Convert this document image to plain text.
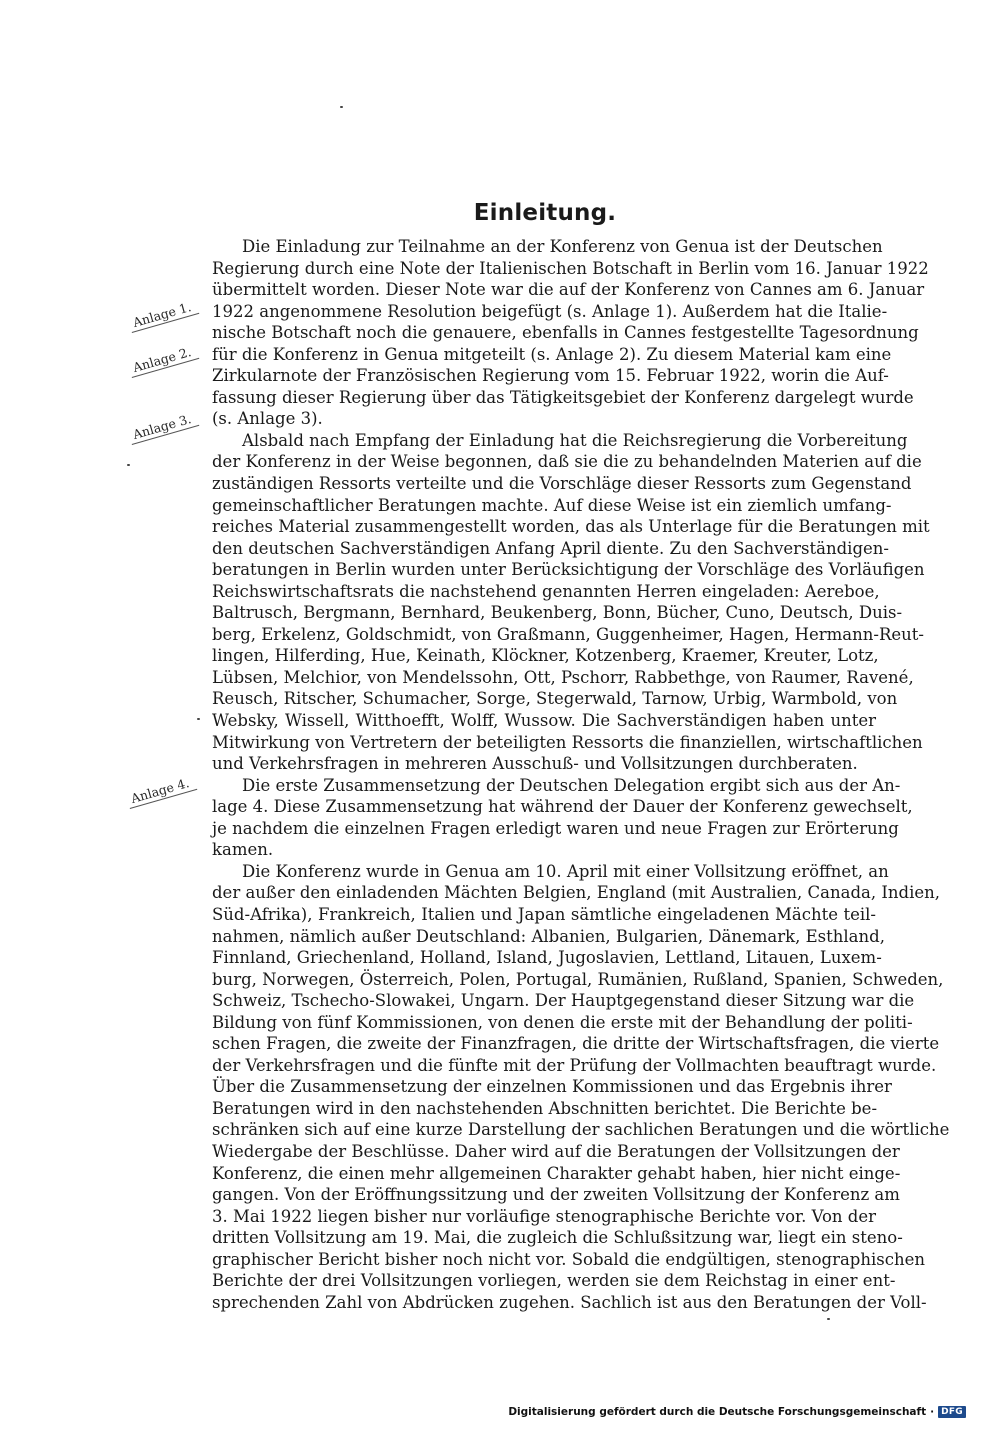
Einleitung.
Anlage 1.
Anlage 2.
Anlage 3.
Anlage 4.
Die Einladung zur Teilnahme an der Konferenz von Genua ist der Deutschen
Regierung durch eine Note der Italienischen Botschaft in Berlin vom 16. Januar 1922
übermittelt worden. Dieser Note war die auf der Konferenz von Cannes am 6. Januar
1922 angenommene Resolution beigefügt (s. Anlage 1). Außerdem hat die Italie-
nische Botschaft noch die genauere, ebenfalls in Cannes festgestellte Tagesordnung
für die Konferenz in Genua mitgeteilt (s. Anlage 2). Zu diesem Material kam eine
Zirkularnote der Französischen Regierung vom 15. Februar 1922, worin die Auf-
fassung dieser Regierung über das Tätigkeitsgebiet der Konferenz dargelegt wurde
(s. Anlage 3).
Alsbald nach Empfang der Einladung hat die Reichsregierung die Vorbereitung
der Konferenz in der Weise begonnen, daß sie die zu behandelnden Materien auf die
zuständigen Ressorts verteilte und die Vorschläge dieser Ressorts zum Gegenstand
gemeinschaftlicher Beratungen machte. Auf diese Weise ist ein ziemlich umfang-
reiches Material zusammengestellt worden, das als Unterlage für die Beratungen mit
den deutschen Sachverständigen Anfang April diente. Zu den Sachverständigen-
beratungen in Berlin wurden unter Berücksichtigung der Vorschläge des Vorläufigen
Reichswirtschaftsrats die nachstehend genannten Herren eingeladen: Aereboe,
Baltrusch, Bergmann, Bernhard, Beukenberg, Bonn, Bücher, Cuno, Deutsch, Duis-
berg, Erkelenz, Goldschmidt, von Graßmann, Guggenheimer, Hagen, Hermann-Reut-
lingen, Hilferding, Hue, Keinath, Klöckner, Kotzenberg, Kraemer, Kreuter, Lotz,
Lübsen, Melchior, von Mendelssohn, Ott, Pschorr, Rabbethge, von Raumer, Ravené,
Reusch, Ritscher, Schumacher, Sorge, Stegerwald, Tarnow, Urbig, Warmbold, von
Websky, Wissell, Witthoefft, Wolff, Wussow. Die Sachverständigen haben unter
Mitwirkung von Vertretern der beteiligten Ressorts die finanziellen, wirtschaftlichen
und Verkehrsfragen in mehreren Ausschuß- und Vollsitzungen durchberaten.
Die erste Zusammensetzung der Deutschen Delegation ergibt sich aus der An-
lage 4. Diese Zusammensetzung hat während der Dauer der Konferenz gewechselt,
je nachdem die einzelnen Fragen erledigt waren und neue Fragen zur Erörterung
kamen.
Die Konferenz wurde in Genua am 10. April mit einer Vollsitzung eröffnet, an
der außer den einladenden Mächten Belgien, England (mit Australien, Canada, Indien,
Süd-Afrika), Frankreich, Italien und Japan sämtliche eingeladenen Mächte teil-
nahmen, nämlich außer Deutschland: Albanien, Bulgarien, Dänemark, Esthland,
Finnland, Griechenland, Holland, Island, Jugoslavien, Lettland, Litauen, Luxem-
burg, Norwegen, Österreich, Polen, Portugal, Rumänien, Rußland, Spanien, Schweden,
Schweiz, Tschecho-Slowakei, Ungarn. Der Hauptgegenstand dieser Sitzung war die
Bildung von fünf Kommissionen, von denen die erste mit der Behandlung der politi-
schen Fragen, die zweite der Finanzfragen, die dritte der Wirtschaftsfragen, die vierte
der Verkehrsfragen und die fünfte mit der Prüfung der Vollmachten beauftragt wurde.
Über die Zusammensetzung der einzelnen Kommissionen und das Ergebnis ihrer
Beratungen wird in den nachstehenden Abschnitten berichtet. Die Berichte be-
schränken sich auf eine kurze Darstellung der sachlichen Beratungen und die wörtliche
Wiedergabe der Beschlüsse. Daher wird auf die Beratungen der Vollsitzungen der
Konferenz, die einen mehr allgemeinen Charakter gehabt haben, hier nicht einge-
gangen. Von der Eröffnungssitzung und der zweiten Vollsitzung der Konferenz am
3. Mai 1922 liegen bisher nur vorläufige stenographische Berichte vor. Von der
dritten Vollsitzung am 19. Mai, die zugleich die Schlußsitzung war, liegt ein steno-
graphischer Bericht bisher noch nicht vor. Sobald die endgültigen, stenographischen
Berichte der drei Vollsitzungen vorliegen, werden sie dem Reichstag in einer ent-
sprechenden Zahl von Abdrücken zugehen. Sachlich ist aus den Beratungen der Voll-
Digitalisierung gefördert durch die Deutsche Forschungsgemeinschaft · DFG
